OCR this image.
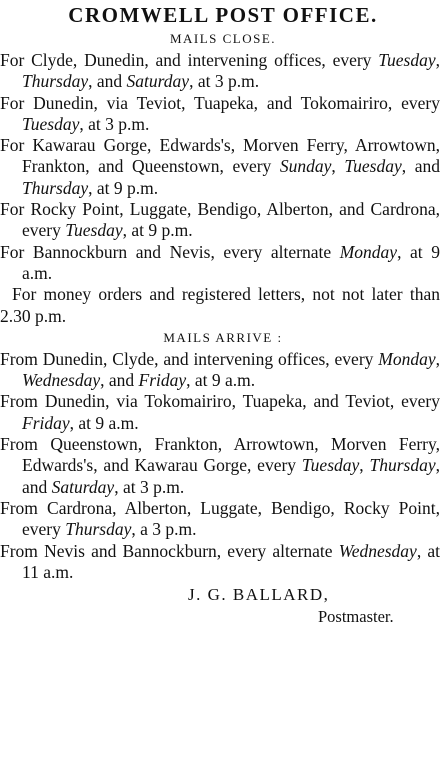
CROMWELL POST OFFICE.
MAILS CLOSE.

For Clyde, Dunedin, and intervening offices, every Tuesday, Thursday, and Saturday, at 3 p.m.

For Dunedin, via Teviot, Tuapeka, and Tokomairiro, every Tuesday, at 3 p.m.

For Kawarau Gorge, Edwards's, Morven Ferry, Arrowtown, Frankton, and Queenstown, every Sunday, Tuesday, and Thursday, at 9 p.m.

For Rocky Point, Luggate, Bendigo, Alberton, and Cardrona, every Tuesday, at 9 p.m.

For Bannockburn and Nevis, every alternate Monday, at 9 a.m.

For money orders and registered letters, not not later than 2.30 p.m.

MAILS ARRIVE :

From Dunedin, Clyde, and intervening offices, every Monday, Wednesday, and Friday, at 9 a.m.

From Dunedin, via Tokomairiro, Tuapeka, and Teviot, every Friday, at 9 a.m.

From Queenstown, Frankton, Arrowtown, Morven Ferry, Edwards's, and Kawarau Gorge, every Tuesday, Thursday, and Saturday, at 3 p.m.

From Cardrona, Alberton, Luggate, Bendigo, Rocky Point, every Thursday, a 3 p.m.

From Nevis and Bannockburn, every alternate Wednesday, at 11 a.m.

J. G. BALLARD,

Postmaster.
